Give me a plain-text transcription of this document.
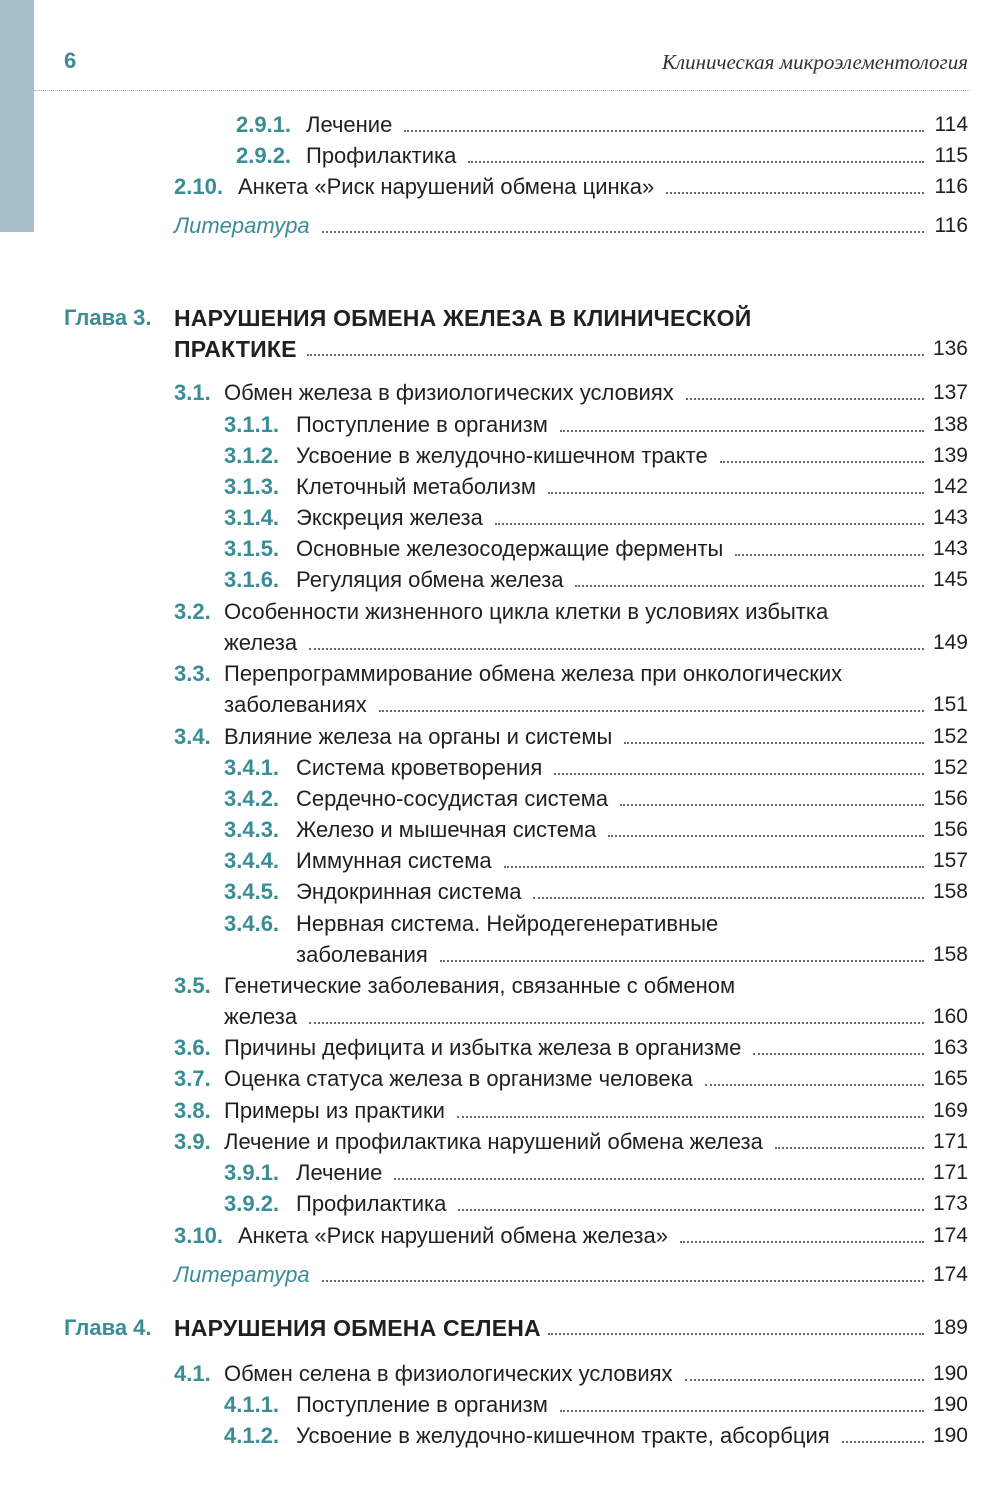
6	Клиническая микроэлементология
2.9.1. Лечение	114
2.9.2. Профилактика	115
2.10. Анкета «Риск нарушений обмена цинка»	116
Литература	116
Глава 3. НАРУШЕНИЯ ОБМЕНА ЖЕЛЕЗА В КЛИНИЧЕСКОЙ
ПРАКТИКЕ	136
3.1. Обмен железа в физиологических условиях	137
3.1.1. Поступление в организм	138
3.1.2. Усвоение в желудочно-кишечном тракте	139
3.1.3. Клеточный метаболизм	142
3.1.4. Экскреция железа	143
3.1.5. Основные железосодержащие ферменты	143
3.1.6. Регуляция обмена железа	145
3.2. Особенности жизненного цикла клетки в условиях избытка
железа	149
3.3. Перепрограммирование обмена железа при онкологических
заболеваниях	151
3.4. Влияние железа на органы и системы	152
3.4.1. Система кроветворения	152
3.4.2. Сердечно-сосудистая система	156
3.4.3. Железо и мышечная система	156
3.4.4. Иммунная система	157
3.4.5. Эндокринная система	158
3.4.6. Нервная система. Нейродегенеративные
заболевания	158
3.5. Генетические заболевания, связанные с обменом
железа	160
3.6. Причины дефицита и избытка железа в организме	163
3.7. Оценка статуса железа в организме человека	165
3.8. Примеры из практики	169
3.9. Лечение и профилактика нарушений обмена железа	171
3.9.1. Лечение	171
3.9.2. Профилактика	173
3.10. Анкета «Риск нарушений обмена железа»	174
Литература	174
Глава 4. НАРУШЕНИЯ ОБМЕНА СЕЛЕНА	189
4.1. Обмен селена в физиологических условиях	190
4.1.1. Поступление в организм	190
4.1.2. Усвоение в желудочно-кишечном тракте, абсорбция	190
